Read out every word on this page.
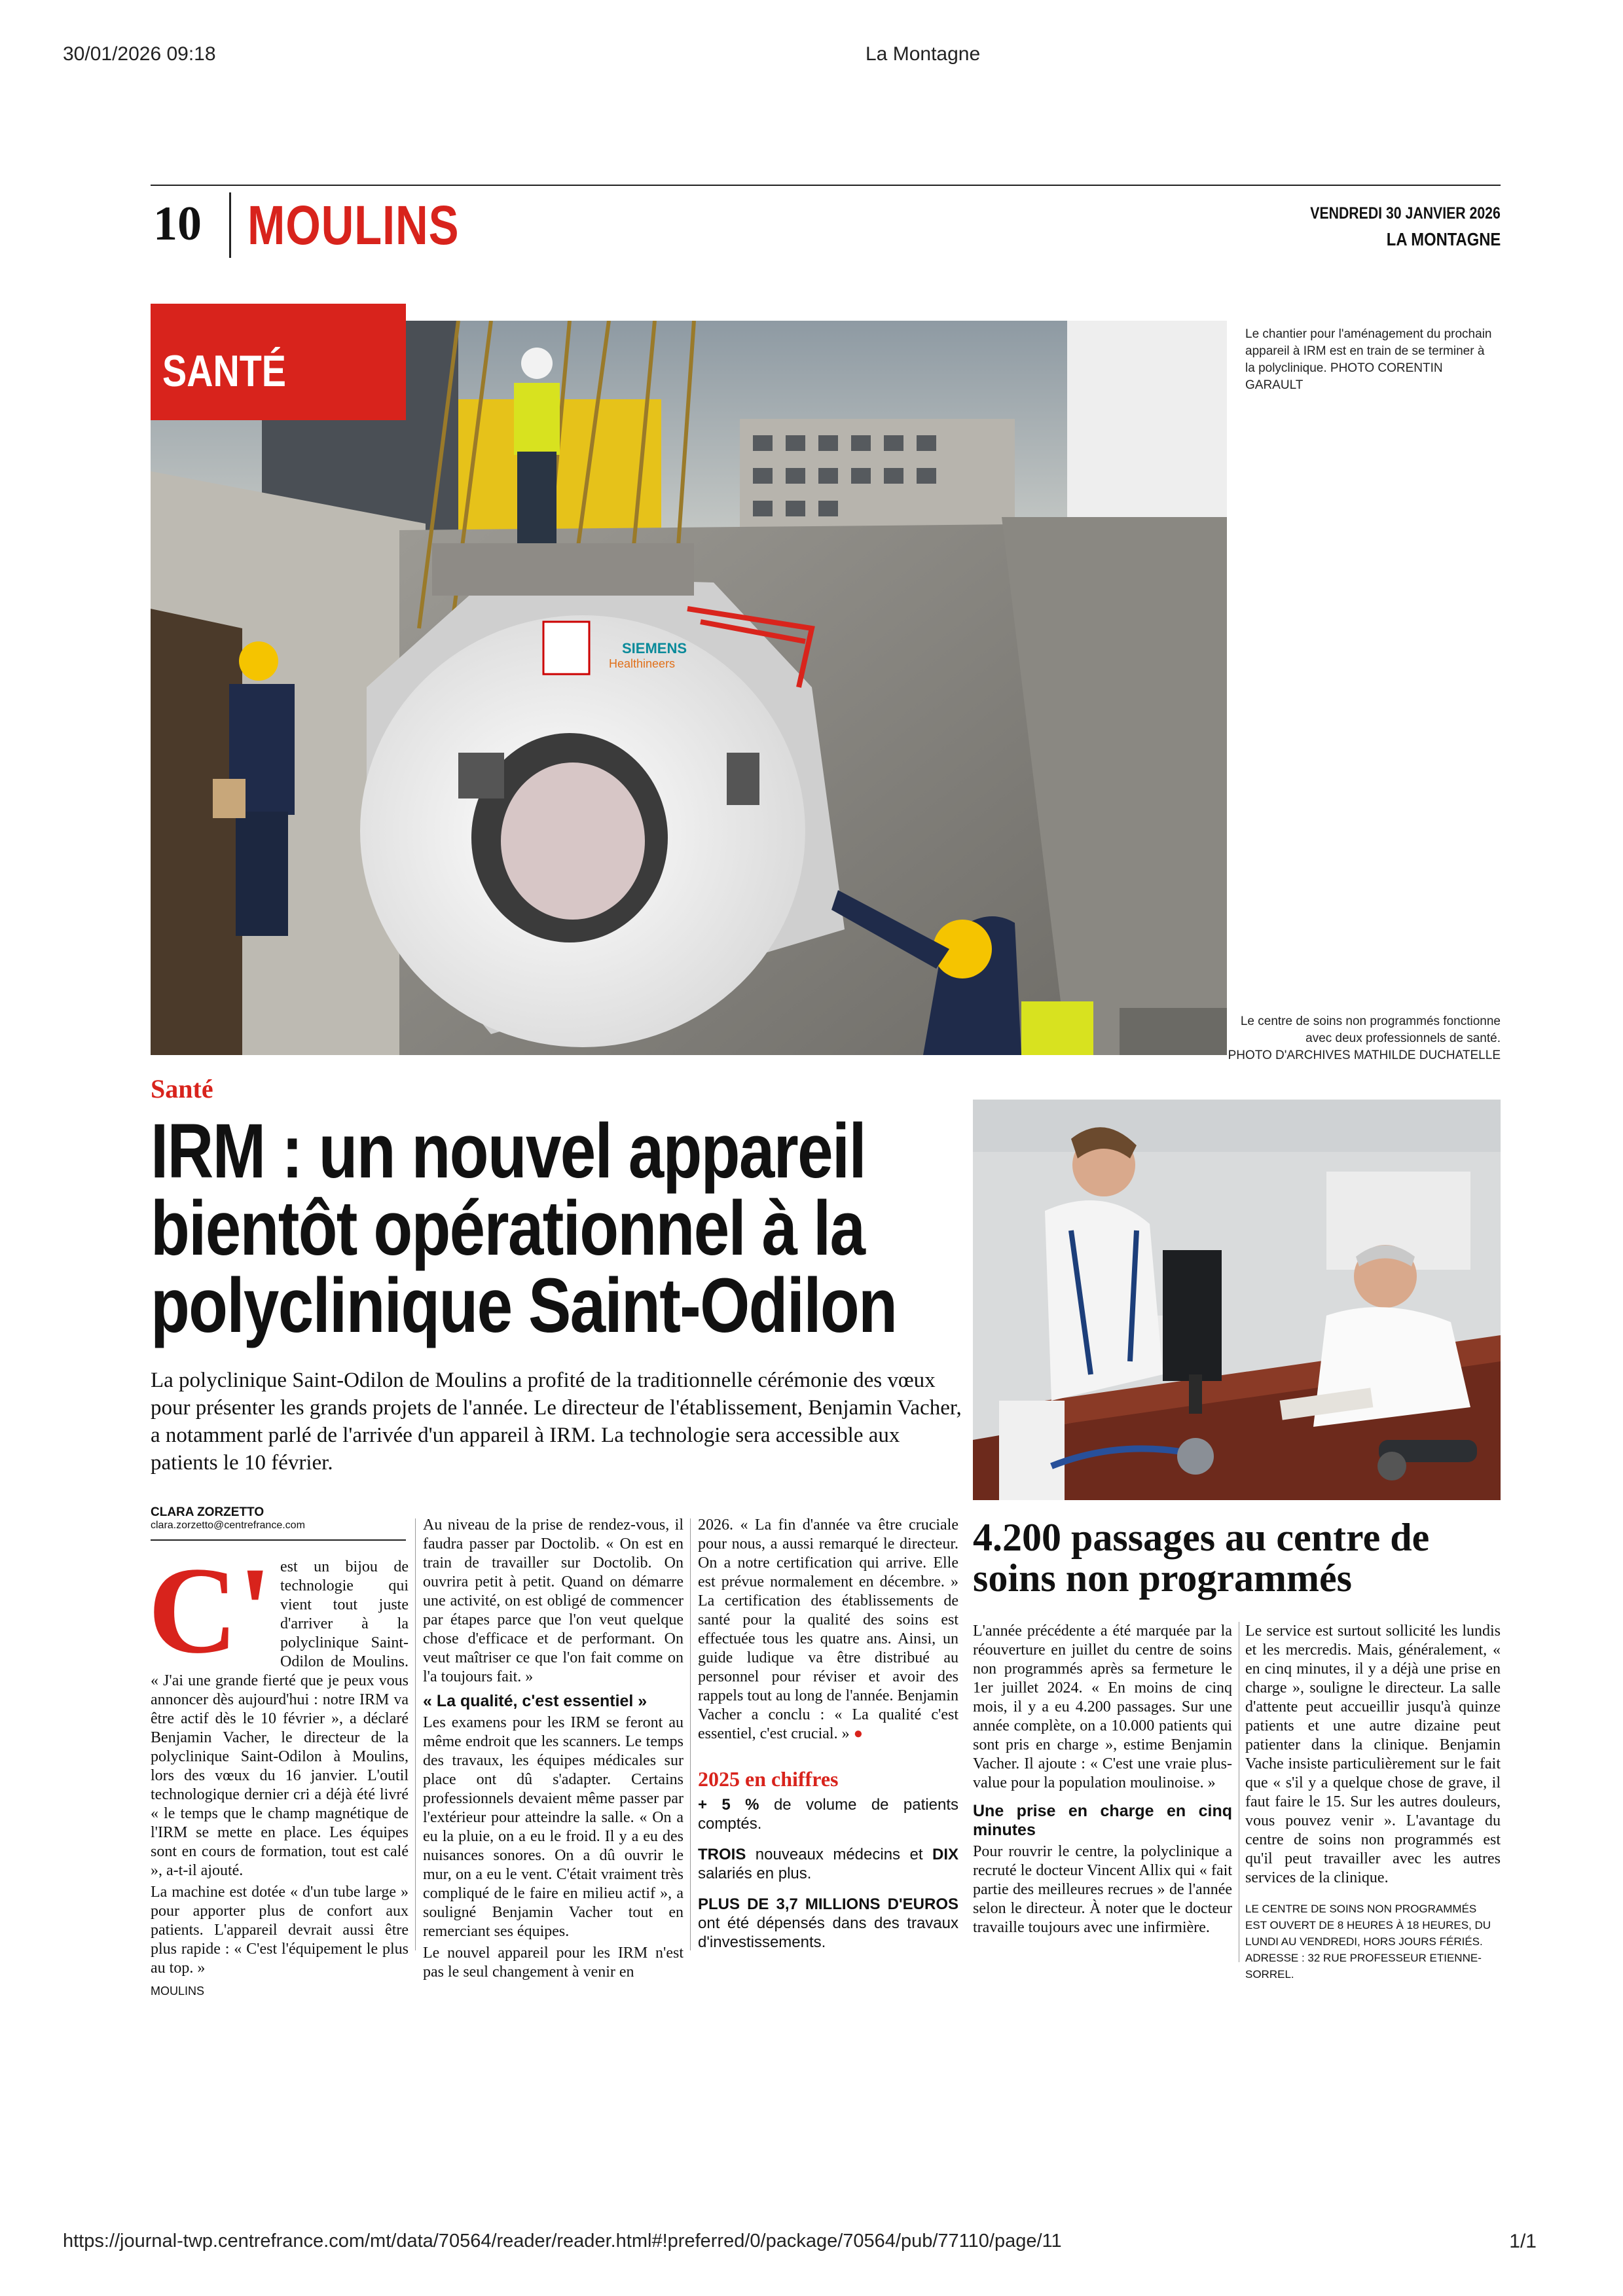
30/01/2026 09:18	La Montagne
10 MOULINS	VENDREDI 30 JANVIER 2026
LA MONTAGNE
SIEMENS
Healthineers
SANTÉ
Le chantier pour l'aménagement du prochain appareil à IRM est en train de se terminer à la polyclinique. PHOTO CORENTIN GARAULT
Le centre de soins non programmés fonctionne avec deux professionnels de santé.
PHOTO D'ARCHIVES MATHILDE DUCHATELLE
Santé
IRM : un nouvel appareil bientôt opérationnel à la polyclinique Saint-Odilon
La polyclinique Saint-Odilon de Moulins a profité de la traditionnelle cérémonie des vœux pour présenter les grands projets de l'année. Le directeur de l'établissement, Benjamin Vacher, a notamment parlé de l'arrivée d'un appareil à IRM. La technologie sera accessible aux patients le 10 février.
CLARA ZORZETTO
clara.zorzetto@centrefrance.com
C' est un bijou de technologie qui vient tout juste d'arriver à la polyclinique Saint-Odilon de Moulins. « J'ai une grande fierté que je peux vous annoncer dès aujourd'hui : notre IRM va être actif dès le 10 février », a déclaré Benjamin Vacher, le directeur de la polyclinique Saint-Odilon à Moulins, lors des vœux du 16 janvier. L'outil technologique dernier cri a déjà été livré « le temps que le champ magnétique de l'IRM se mette en place. Les équipes sont en cours de formation, tout est calé », a-t-il ajouté.

La machine est dotée « d'un tube large » pour apporter plus de confort aux patients. L'appareil devrait aussi être plus rapide : « C'est l'équipement le plus au top. »

Au niveau de la prise de rendez-vous, il faudra passer par Doctolib. « On est en train de travailler sur Doctolib. On ouvrira petit à petit. Quand on démarre une activité, on est obligé de commencer par étapes parce que l'on veut quelque chose d'efficace et de performant. On veut maîtriser ce que l'on fait comme on l'a toujours fait. »

« La qualité, c'est essentiel »

Les examens pour les IRM se feront au même endroit que les scanners. Le temps des travaux, les équipes médicales sur place ont dû s'adapter. Certains professionnels devaient même passer par l'extérieur pour atteindre la salle. « On a eu la pluie, on a eu le froid. Il y a eu des nuisances sonores. On a dû ouvrir le mur, on a eu le vent. C'était vraiment très compliqué de le faire en milieu actif », a souligné Benjamin Vacher tout en remerciant ses équipes.

Le nouvel appareil pour les IRM n'est pas le seul changement à venir en

2026. « La fin d'année va être cruciale pour nous, a aussi remarqué le directeur. On a notre certification qui arrive. Elle est prévue normalement en décembre. » La certification des établissements de santé pour la qualité des soins est effectuée tous les quatre ans. Ainsi, un guide ludique va être distribué au personnel pour réviser et avoir des rappels tout au long de l'année. Benjamin Vacher a conclu : « La qualité c'est essentiel, c'est crucial. » ●

2025 en chiffres
+ 5 % de volume de patients comptés.
TROIS nouveaux médecins et DIX salariés en plus.
PLUS DE 3,7 MILLIONS D'EUROS ont été dépensés dans des travaux d'investissements.
4.200 passages au centre de soins non programmés

L'année précédente a été marquée par la réouverture en juillet du centre de soins non programmés après sa fermeture le 1er juillet 2024. « En moins de cinq mois, il y a eu 4.200 passages. Sur une année complète, on a 10.000 patients qui sont pris en charge », estime Benjamin Vacher. Il ajoute : « C'est une vraie plus-value pour la population moulinoise. »

Une prise en charge en cinq minutes

Pour rouvrir le centre, la polyclinique a recruté le docteur Vincent Allix qui « fait partie des meilleures recrues » de l'année selon le directeur. À noter que le docteur travaille toujours avec une infirmière.

Le service est surtout sollicité les lundis et les mercredis. Mais, généralement, « en cinq minutes, il y a déjà une prise en charge », souligne le directeur. La salle d'attente peut accueillir jusqu'à quinze patients et une autre dizaine peut patienter dans la clinique. Benjamin Vache insiste particulièrement sur le fait que « s'il y a quelque chose de grave, il faut faire le 15. Sur les autres douleurs, vous pouvez venir ». L'avantage du centre de soins non programmés est qu'il peut travailler avec les autres services de la clinique.

LE CENTRE DE SOINS NON PROGRAMMÉS EST OUVERT DE 8 HEURES À 18 HEURES, DU LUNDI AU VENDREDI, HORS JOURS FÉRIÉS. ADRESSE : 32 RUE PROFESSEUR ETIENNE-SORREL.

MOULINS
https://journal-twp.centrefrance.com/mt/data/70564/reader/reader.html#!preferred/0/package/70564/pub/77110/page/11	1/1
